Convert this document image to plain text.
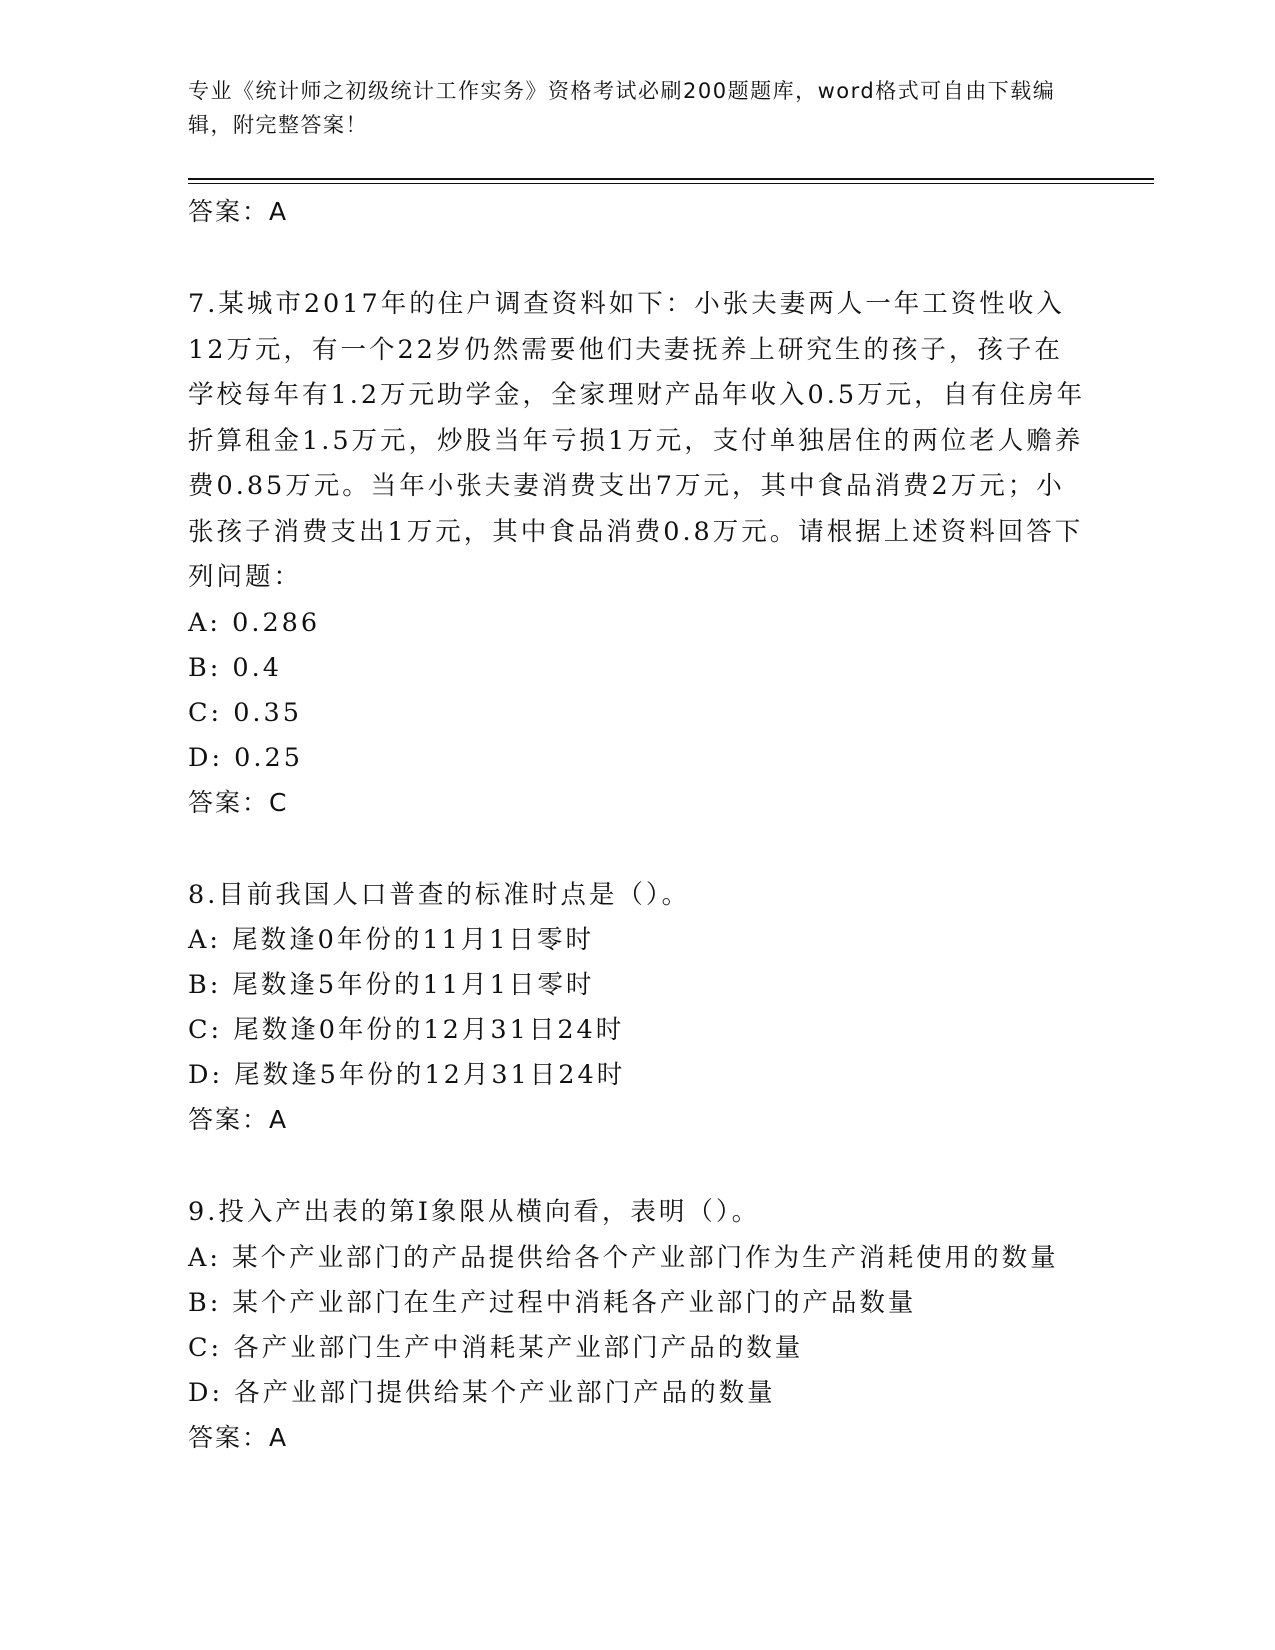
专业《统计师之初级统计工作实务》资格考试必刷200题题库，word格式可自由下载编辑，附完整答案！
答案：A
7.某城市2017年的住户调查资料如下：小张夫妻两人一年工资性收入12万元，有一个22岁仍然需要他们夫妻抚养上研究生的孩子，孩子在学校每年有1.2万元助学金，全家理财产品年收入0.5万元，自有住房年折算租金1.5万元，炒股当年亏损1万元，支付单独居住的两位老人赡养费0.85万元。当年小张夫妻消费支出7万元，其中食品消费2万元；小张孩子消费支出1万元，其中食品消费0.8万元。请根据上述资料回答下列问题：
A: 0.286
B: 0.4
C: 0.35
D: 0.25
答案：C
8.目前我国人口普查的标准时点是（）。
A: 尾数逢0年份的11月1日零时
B: 尾数逢5年份的11月1日零时
C: 尾数逢0年份的12月31日24时
D: 尾数逢5年份的12月31日24时
答案：A
9.投入产出表的第I象限从横向看，表明（）。
A: 某个产业部门的产品提供给各个产业部门作为生产消耗使用的数量
B: 某个产业部门在生产过程中消耗各产业部门的产品数量
C: 各产业部门生产中消耗某产业部门产品的数量
D: 各产业部门提供给某个产业部门产品的数量
答案：A
